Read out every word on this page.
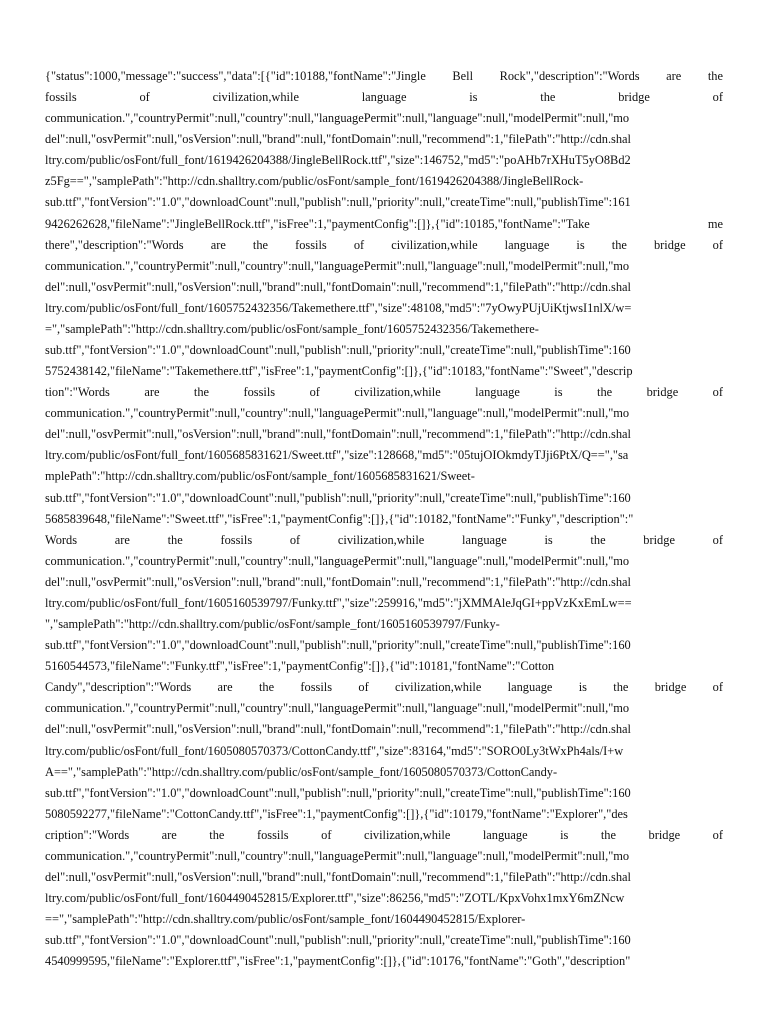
{"status":1000,"message":"success","data":[{"id":10188,"fontName":"Jingle Bell Rock","description":"Words are the
fossils of civilization,while language is the bridge of
communication.","countryPermit":null,"country":null,"languagePermit":null,"language":null,"modelPermit":null,"mo
del":null,"osvPermit":null,"osVersion":null,"brand":null,"fontDomain":null,"recommend":1,"filePath":"http://cdn.shal
ltry.com/public/osFont/full_font/1619426204388/JingleBellRock.ttf","size":146752,"md5":"poAHb7rXHuT5yO8Bd2
z5Fg==","samplePath":"http://cdn.shalltry.com/public/osFont/sample_font/1619426204388/JingleBellRock-
sub.ttf","fontVersion":"1.0","downloadCount":null,"publish":null,"priority":null,"createTime":null,"publishTime":161
9426262628,"fileName":"JingleBellRock.ttf","isFree":1,"paymentConfig":[]},{"id":10185,"fontName":"Take me
there","description":"Words are the fossils of civilization,while language is the bridge of
communication.","countryPermit":null,"country":null,"languagePermit":null,"language":null,"modelPermit":null,"mo
del":null,"osvPermit":null,"osVersion":null,"brand":null,"fontDomain":null,"recommend":1,"filePath":"http://cdn.shal
ltry.com/public/osFont/full_font/1605752432356/Takemethere.ttf","size":48108,"md5":"7yOwyPUjUiKtjwsI1nlX/w=
=","samplePath":"http://cdn.shalltry.com/public/osFont/sample_font/1605752432356/Takemethere-
sub.ttf","fontVersion":"1.0","downloadCount":null,"publish":null,"priority":null,"createTime":null,"publishTime":160
5752438142,"fileName":"Takemethere.ttf","isFree":1,"paymentConfig":[]},{"id":10183,"fontName":"Sweet","descrip
tion":"Words are the fossils of civilization,while language is the bridge of
communication.","countryPermit":null,"country":null,"languagePermit":null,"language":null,"modelPermit":null,"mo
del":null,"osvPermit":null,"osVersion":null,"brand":null,"fontDomain":null,"recommend":1,"filePath":"http://cdn.shal
ltry.com/public/osFont/full_font/1605685831621/Sweet.ttf","size":128668,"md5":"05tujOIOkmdyTJji6PtX/Q==","sa
mplePath":"http://cdn.shalltry.com/public/osFont/sample_font/1605685831621/Sweet-
sub.ttf","fontVersion":"1.0","downloadCount":null,"publish":null,"priority":null,"createTime":null,"publishTime":160
5685839648,"fileName":"Sweet.ttf","isFree":1,"paymentConfig":[]},{"id":10182,"fontName":"Funky","description":"
Words are the fossils of civilization,while language is the bridge of
communication.","countryPermit":null,"country":null,"languagePermit":null,"language":null,"modelPermit":null,"mo
del":null,"osvPermit":null,"osVersion":null,"brand":null,"fontDomain":null,"recommend":1,"filePath":"http://cdn.shal
ltry.com/public/osFont/full_font/1605160539797/Funky.ttf","size":259916,"md5":"jXMMAleJqGI+ppVzKxEmLw==
","samplePath":"http://cdn.shalltry.com/public/osFont/sample_font/1605160539797/Funky-
sub.ttf","fontVersion":"1.0","downloadCount":null,"publish":null,"priority":null,"createTime":null,"publishTime":160
5160544573,"fileName":"Funky.ttf","isFree":1,"paymentConfig":[]},{"id":10181,"fontName":"Cotton
Candy","description":"Words are the fossils of civilization,while language is the bridge of
communication.","countryPermit":null,"country":null,"languagePermit":null,"language":null,"modelPermit":null,"mo
del":null,"osvPermit":null,"osVersion":null,"brand":null,"fontDomain":null,"recommend":1,"filePath":"http://cdn.shal
ltry.com/public/osFont/full_font/1605080570373/CottonCandy.ttf","size":83164,"md5":"SORO0Ly3tWxPh4als/I+w
A==","samplePath":"http://cdn.shalltry.com/public/osFont/sample_font/1605080570373/CottonCandy-
sub.ttf","fontVersion":"1.0","downloadCount":null,"publish":null,"priority":null,"createTime":null,"publishTime":160
5080592277,"fileName":"CottonCandy.ttf","isFree":1,"paymentConfig":[]},{"id":10179,"fontName":"Explorer","des
cription":"Words are the fossils of civilization,while language is the bridge of
communication.","countryPermit":null,"country":null,"languagePermit":null,"language":null,"modelPermit":null,"mo
del":null,"osvPermit":null,"osVersion":null,"brand":null,"fontDomain":null,"recommend":1,"filePath":"http://cdn.shal
ltry.com/public/osFont/full_font/1604490452815/Explorer.ttf","size":86256,"md5":"ZOTL/KpxVohx1mxY6mZNcw
==","samplePath":"http://cdn.shalltry.com/public/osFont/sample_font/1604490452815/Explorer-
sub.ttf","fontVersion":"1.0","downloadCount":null,"publish":null,"priority":null,"createTime":null,"publishTime":160
4540999595,"fileName":"Explorer.ttf","isFree":1,"paymentConfig":[]},{"id":10176,"fontName":"Goth","description"
